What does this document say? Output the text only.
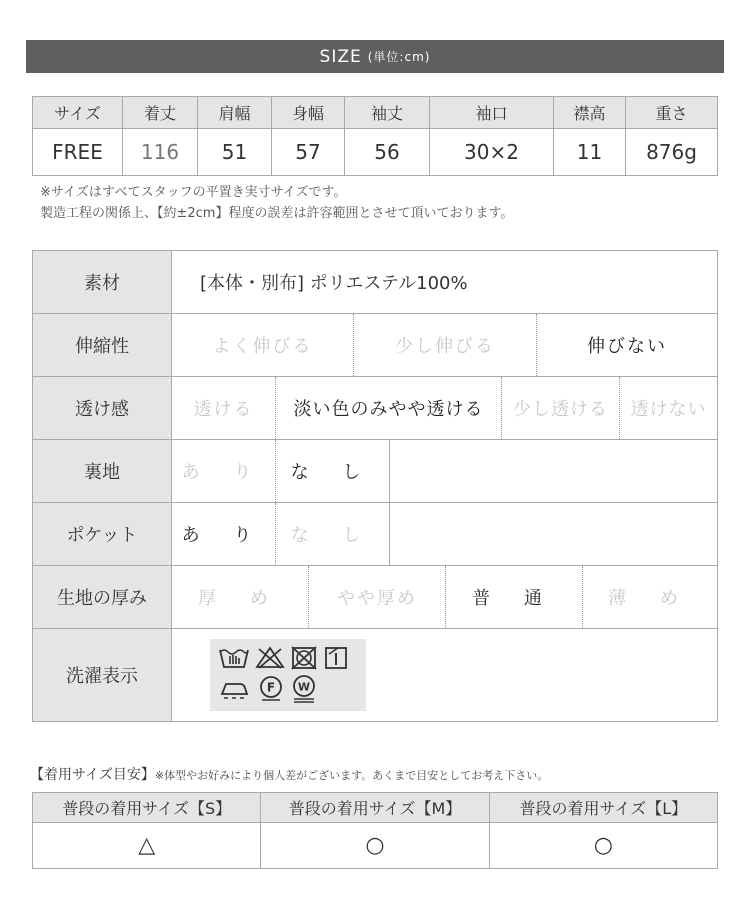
SIZE (単位:cm)
サイズ	着丈	肩幅	身幅	袖丈	袖口	襟高	重さ
FREE	116	51	57	56	30×2	11	876g
※サイズはすべてスタッフの平置き実寸サイズです。
製造工程の関係上、【約±2cm】程度の誤差は許容範囲とさせて頂いております。
素材	[本体・別布] ポリエステル100%

伸縮性	よく伸びる 少し伸びる 伸びない

透け感	透ける 淡い色のみやや透ける 少し透ける 透けない

裏地	あ り な し

ポケット	あ り な し

生地の厚み	厚 め やや厚め 普 通 薄 め

洗濯表示	F W
【着用サイズ目安】※体型やお好みにより個人差がございます。あくまで目安としてお考え下さい。
普段の着用サイズ【S】	普段の着用サイズ【M】	普段の着用サイズ【L】
△	○	○
